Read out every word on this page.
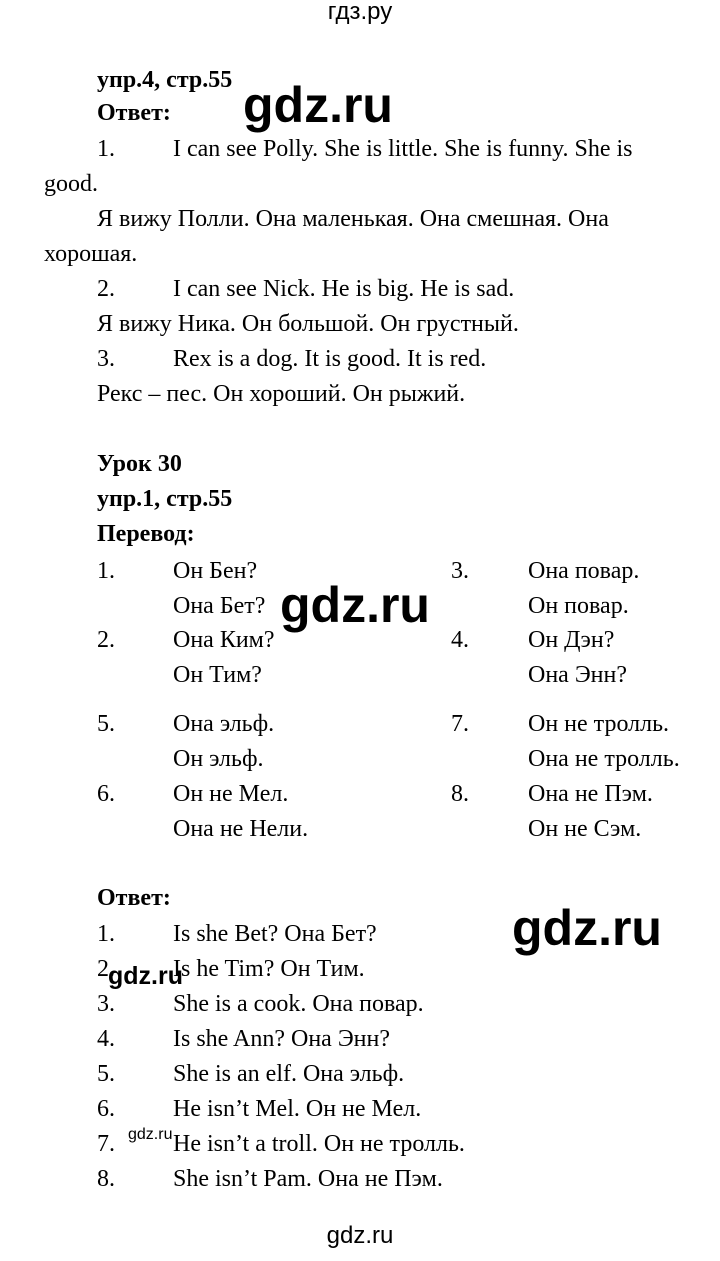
гдз.ру
упр.4, стр.55
Ответ:
1. I can see Polly. She is little. She is funny. She is
good.
Я вижу Полли. Она маленькая. Она смешная. Она
хорошая.
2. I can see Nick. He is big. He is sad.
Я вижу Ника. Он большой. Он грустный.
3. Rex is a dog. It is good. It is red.
Рекс – пес. Он хороший. Он рыжий.
Урок 30
упр.1, стр.55
Перевод:
1. Он Бен?
Она Бет?
2. Она Ким?
Он Тим?
5. Она эльф.
Он эльф.
6. Он не Мел.
Она не Нели.
3. Она повар.
Он повар.
4. Он Дэн?
Она Энн?
7. Он не тролль.
Она не тролль.
8. Она не Пэм.
Он не Сэм.
Ответ:
1. Is she Bet? Она Бет?
2. Is he Tim? Он Тим.
3. She is a cook. Она повар.
4. Is she Ann? Она Энн?
5. She is an elf. Она эльф.
6. He isn’t Mel. Он не Мел.
7. He isn’t a troll. Он не тролль.
8. She isn’t Pam. Она не Пэм.
gdz.ru
gdz.ru
gdz.ru
gdz.ru
gdz.ru
gdz.ru
